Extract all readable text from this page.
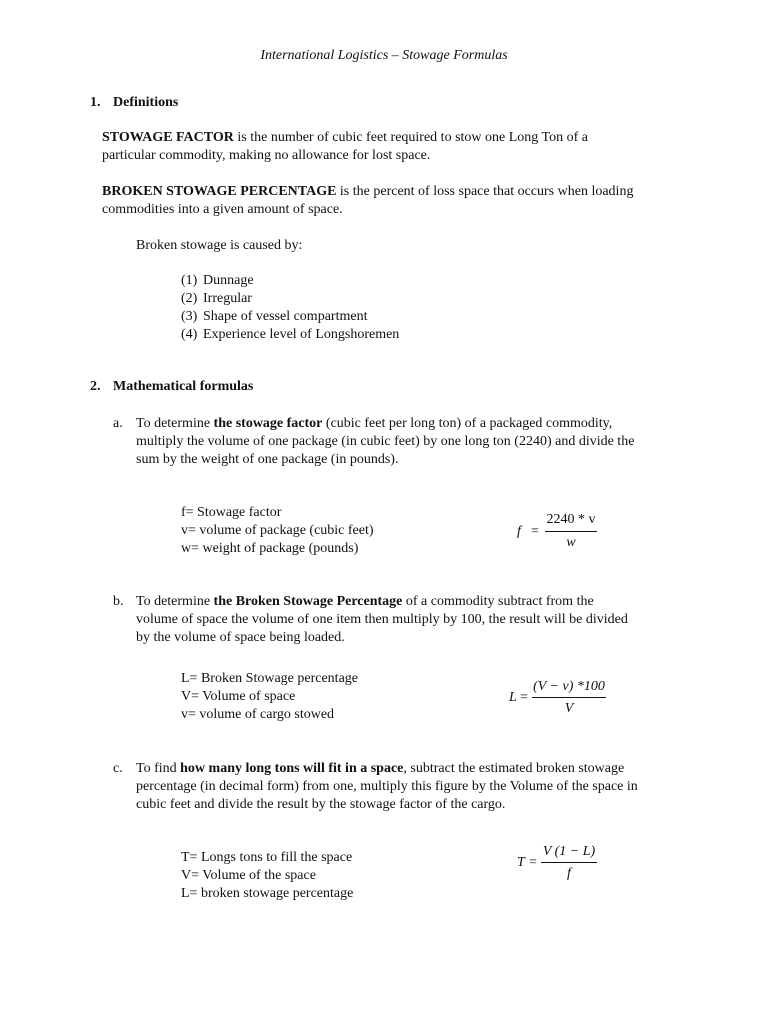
International Logistics – Stowage Formulas
1. Definitions
STOWAGE FACTOR is the number of cubic feet required to stow one Long Ton of a
particular commodity, making no allowance for lost space.
BROKEN STOWAGE PERCENTAGE is the percent of loss space that occurs when loading
commodities into a given amount of space.
Broken stowage is caused by:
(1) Dunnage
(2) Irregular
(3) Shape of vessel compartment
(4) Experience level of Longshoremen
2. Mathematical formulas
a. To determine the stowage factor (cubic feet per long ton) of a packaged commodity,
multiply the volume of one package (in cubic feet) by one long ton (2240) and divide the
sum by the weight of one package (in pounds).
f= Stowage factor
v= volume of package (cubic feet)
w= weight of package (pounds)
f =
2240 * v
w
b. To determine the Broken Stowage Percentage of a commodity subtract from the
volume of space the volume of one item then multiply by 100, the result will be divided
by the volume of space being loaded.
L= Broken Stowage percentage
V= Volume of space
v= volume of cargo stowed
L =
(V − v) *100
V
c. To find how many long tons will fit in a space, subtract the estimated broken stowage
percentage (in decimal form) from one, multiply this figure by the Volume of the space in
cubic feet and divide the result by the stowage factor of the cargo.
T= Longs tons to fill the space
V= Volume of the space
L= broken stowage percentage
T =
V (1 − L)
f
